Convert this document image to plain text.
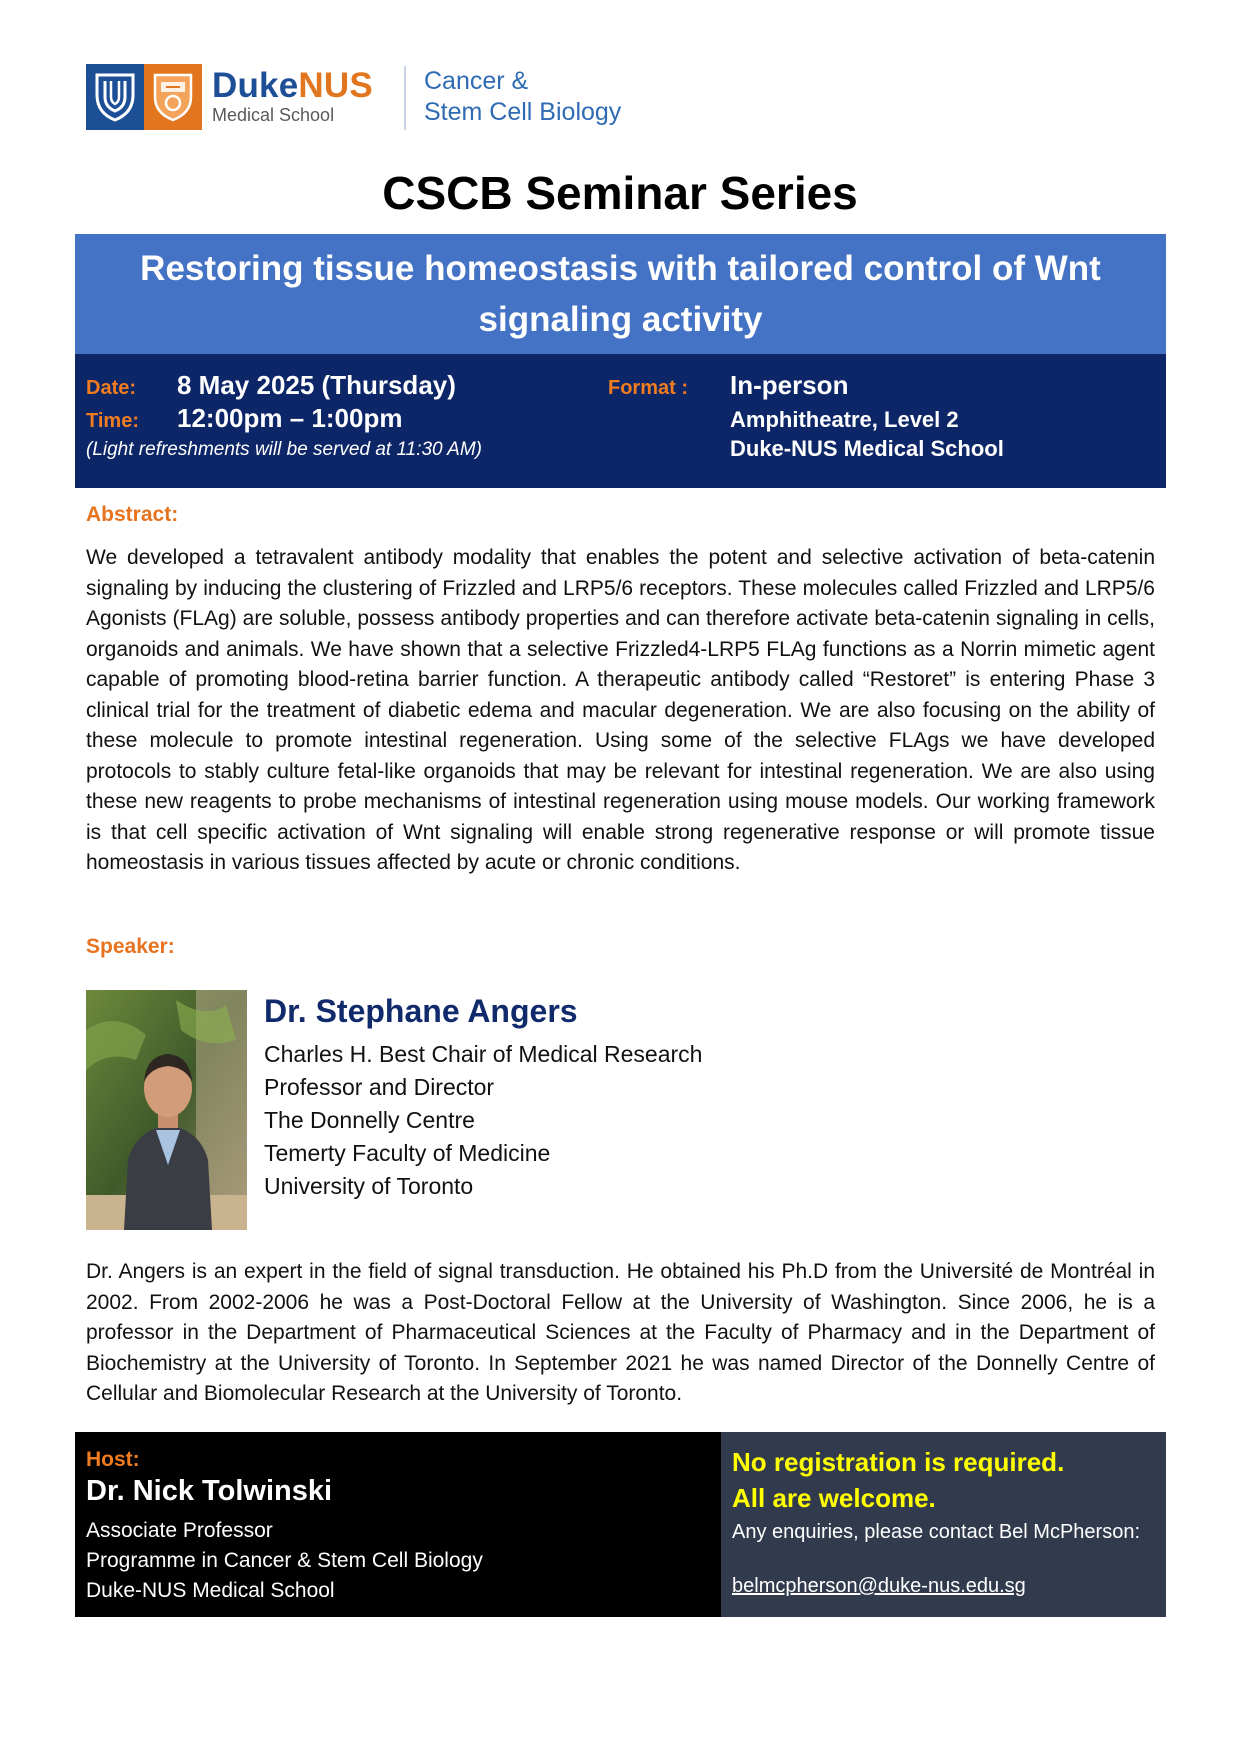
DukeNUS
Medical School
Cancer &
Stem Cell Biology
CSCB Seminar Series
Restoring tissue homeostasis with tailored control of Wnt signaling activity
Date: 8 May 2025 (Thursday)
Time: 12:00pm – 1:00pm
(Light refreshments will be served at 11:30 AM)
Format : In-person
Amphitheatre, Level 2
Duke-NUS Medical School
Abstract:

We developed a tetravalent antibody modality that enables the potent and selective activation of beta-catenin signaling by inducing the clustering of Frizzled and LRP5/6 receptors. These molecules called Frizzled and LRP5/6 Agonists (FLAg) are soluble, possess antibody properties and can therefore activate beta-catenin signaling in cells, organoids and animals. We have shown that a selective Frizzled4-LRP5 FLAg functions as a Norrin mimetic agent capable of promoting blood-retina barrier function. A therapeutic antibody called “Restoret” is entering Phase 3 clinical trial for the treatment of diabetic edema and macular degeneration. We are also focusing on the ability of these molecule to promote intestinal regeneration. Using some of the selective FLAgs we have developed protocols to stably culture fetal-like organoids that may be relevant for intestinal regeneration. We are also using these new reagents to probe mechanisms of intestinal regeneration using mouse models. Our working framework is that cell specific activation of Wnt signaling will enable strong regenerative response or will promote tissue homeostasis in various tissues affected by acute or chronic conditions.

Speaker:
Dr. Stephane Angers
Charles H. Best Chair of Medical Research
Professor and Director
The Donnelly Centre
Temerty Faculty of Medicine
University of Toronto

Dr. Angers is an expert in the field of signal transduction. He obtained his Ph.D from the Université de Montréal in 2002. From 2002-2006 he was a Post-Doctoral Fellow at the University of Washington. Since 2006, he is a professor in the Department of Pharmaceutical Sciences at the Faculty of Pharmacy and in the Department of Biochemistry at the University of Toronto. In September 2021 he was named Director of the Donnelly Centre of Cellular and Biomolecular Research at the University of Toronto.

Host:
Dr. Nick Tolwinski
Associate Professor
Programme in Cancer & Stem Cell Biology
Duke-NUS Medical School
No registration is required.
All are welcome.
Any enquiries, please contact Bel McPherson:
belmcpherson@duke-nus.edu.sg
